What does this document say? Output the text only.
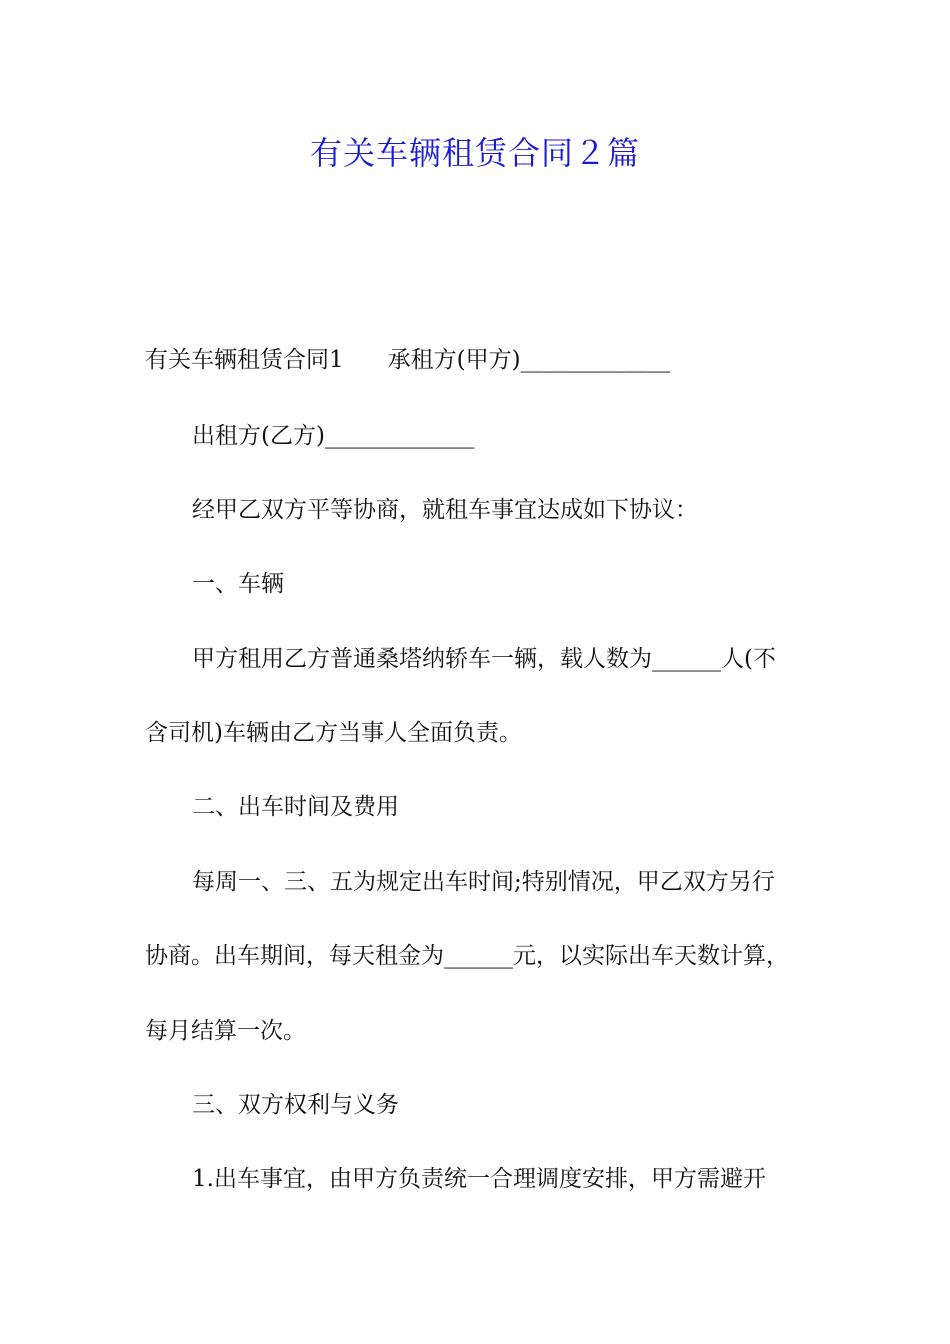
有关车辆租赁合同２篇
有关车辆租赁合同1 承租方(甲方)_____________
出租方(乙方)_____________
经甲乙双方平等协商，就租车事宜达成如下协议：
一、车辆
甲方租用乙方普通桑塔纳轿车一辆，载人数为______人(不
含司机)车辆由乙方当事人全面负责。
二、出车时间及费用
每周一、三、五为规定出车时间;特别情况，甲乙双方另行
协商。出车期间，每天租金为______元，以实际出车天数计算，
每月结算一次。
三、双方权利与义务
1.出车事宜，由甲方负责统一合理调度安排，甲方需避开
